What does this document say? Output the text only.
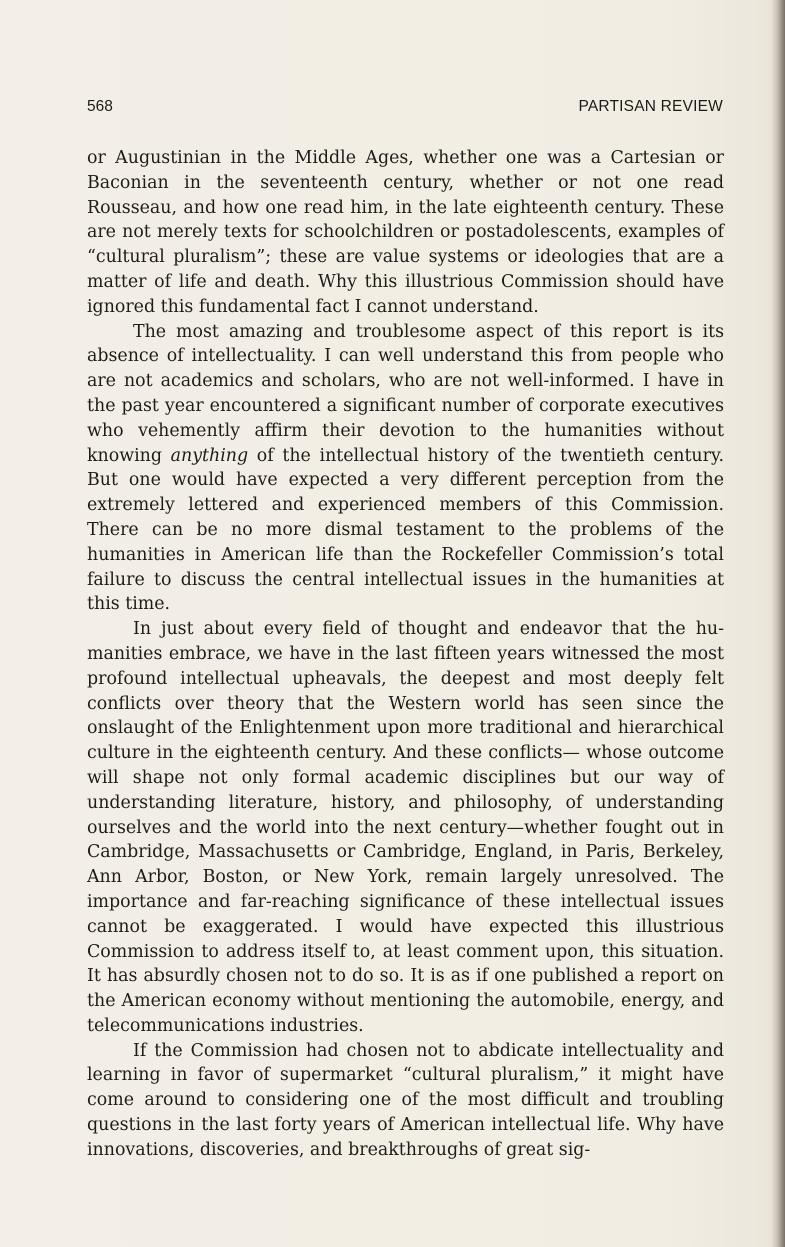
568	PARTISAN REVIEW

or Augustinian in the Middle Ages, whether one was a Cartesian or Baconian in the seventeenth century, whether or not one read Rousseau, and how one read him, in the late eighteenth century. These are not merely texts for schoolchildren or postadolescents, examples of “cultural pluralism”; these are value systems or ideologies that are a matter of life and death. Why this illustrious Commission should have ignored this fundamental fact I cannot understand.

The most amazing and troublesome aspect of this report is its absence of intellectuality. I can well understand this from people who are not academics and scholars, who are not well-informed. I have in the past year encountered a significant number of corporate executives who vehemently affirm their devotion to the humanities without knowing anything of the intellectual history of the twentieth century. But one would have expected a very different perception from the extremely lettered and experienced members of this Commission. There can be no more dismal testament to the problems of the humanities in American life than the Rockefeller Commission’s total failure to discuss the central intellectual issues in the humanities at this time.

In just about every field of thought and endeavor that the humanities embrace, we have in the last fifteen years witnessed the most profound intellectual upheavals, the deepest and most deeply felt conflicts over theory that the Western world has seen since the onslaught of the Enlightenment upon more traditional and hierarchical culture in the eighteenth century. And these conflicts— whose outcome will shape not only formal academic disciplines but our way of understanding literature, history, and philosophy, of understanding ourselves and the world into the next century—whether fought out in Cambridge, Massachusetts or Cambridge, England, in Paris, Berkeley, Ann Arbor, Boston, or New York, remain largely unresolved. The importance and far-reaching significance of these intellectual issues cannot be exaggerated. I would have expected this illustrious Commission to address itself to, at least comment upon, this situation. It has absurdly chosen not to do so. It is as if one published a report on the American economy without mentioning the automobile, energy, and telecommunications industries.

If the Commission had chosen not to abdicate intellectuality and learning in favor of supermarket “cultural pluralism,” it might have come around to considering one of the most difficult and troubling questions in the last forty years of American intellectual life. Why have innovations, discoveries, and breakthroughs of great sig-
